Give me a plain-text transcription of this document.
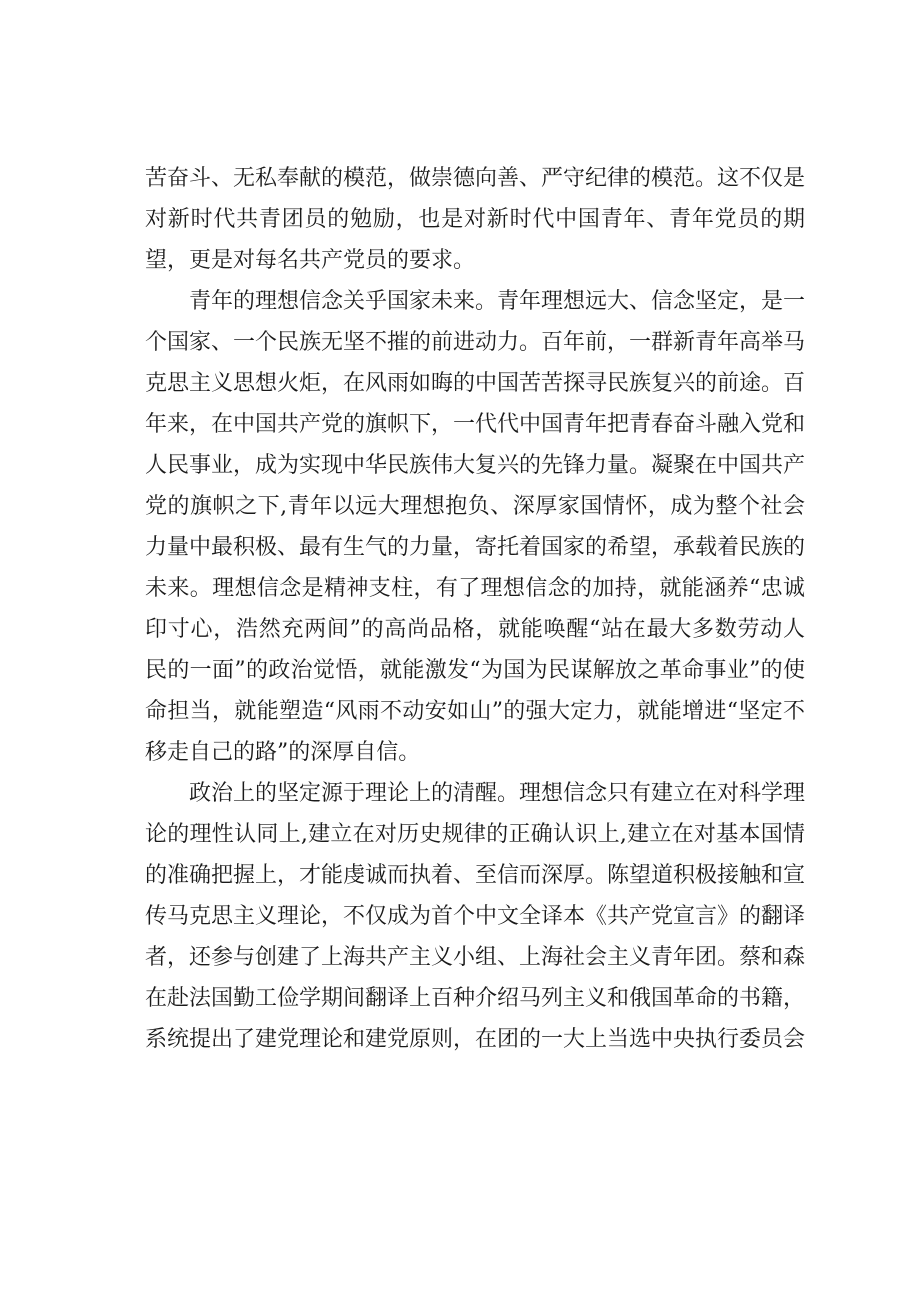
苦奋斗、无私奉献的模范，做崇德向善、严守纪律的模范。这不仅是对新时代共青团员的勉励，也是对新时代中国青年、青年党员的期望，更是对每名共产党员的要求。

青年的理想信念关乎国家未来。青年理想远大、信念坚定，是一个国家、一个民族无坚不摧的前进动力。百年前，一群新青年高举马克思主义思想火炬，在风雨如晦的中国苦苦探寻民族复兴的前途。百年来，在中国共产党的旗帜下，一代代中国青年把青春奋斗融入党和人民事业，成为实现中华民族伟大复兴的先锋力量。凝聚在中国共产党的旗帜之下,青年以远大理想抱负、深厚家国情怀，成为整个社会力量中最积极、最有生气的力量，寄托着国家的希望，承载着民族的未来。理想信念是精神支柱，有了理想信念的加持，就能涵养“忠诚印寸心，浩然充两间”的高尚品格，就能唤醒“站在最大多数劳动人民的一面”的政治觉悟，就能激发“为国为民谋解放之革命事业”的使命担当，就能塑造“风雨不动安如山”的强大定力，就能增进“坚定不移走自己的路”的深厚自信。

政治上的坚定源于理论上的清醒。理想信念只有建立在对科学理论的理性认同上,建立在对历史规律的正确认识上,建立在对基本国情的准确把握上，才能虔诚而执着、至信而深厚。陈望道积极接触和宣传马克思主义理论，不仅成为首个中文全译本《共产党宣言》的翻译者，还参与创建了上海共产主义小组、上海社会主义青年团。蔡和森在赴法国勤工俭学期间翻译上百种介绍马列主义和俄国革命的书籍，系统提出了建党理论和建党原则，在团的一大上当选中央执行委员会
